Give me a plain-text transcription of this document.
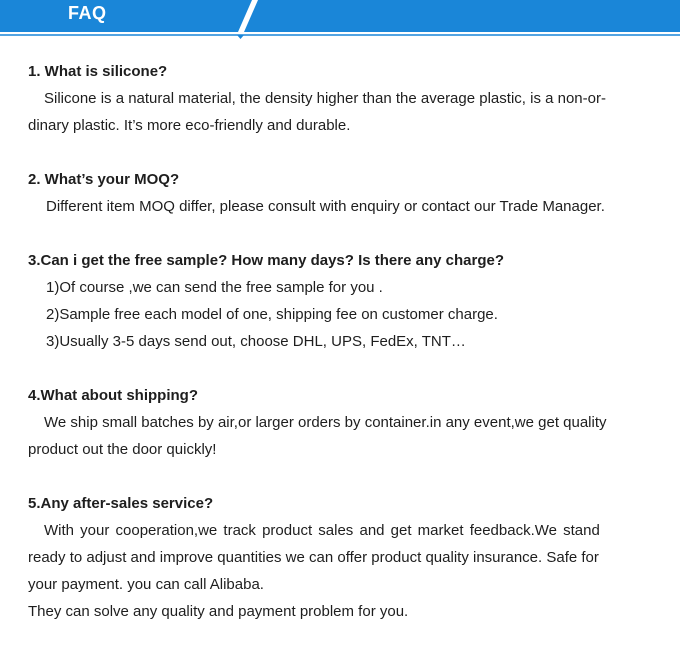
FAQ

1. What is silicone?

Silicone is a natural material, the density higher than the average plastic, is a non-or-

dinary plastic. It’s more eco-friendly and durable.

2. What’s your MOQ?

Different item MOQ differ, please consult with enquiry or contact our Trade Manager.

3.Can i get the free sample? How many days? Is there any charge?

1)Of course ,we can send the free sample for you .

2)Sample free each model of one, shipping fee on customer charge.

3)Usually 3-5 days send out, choose DHL, UPS, FedEx, TNT…

4.What about shipping?

We ship small batches by air,or larger orders by container.in any event,we get quality

product out the door quickly!

5.Any after-sales service?

With your cooperation,we track product sales and get market feedback.We stand

ready to adjust and improve quantities we can offer product quality insurance. Safe for

your payment. you can call Alibaba.

They can solve any quality and payment problem for you.
